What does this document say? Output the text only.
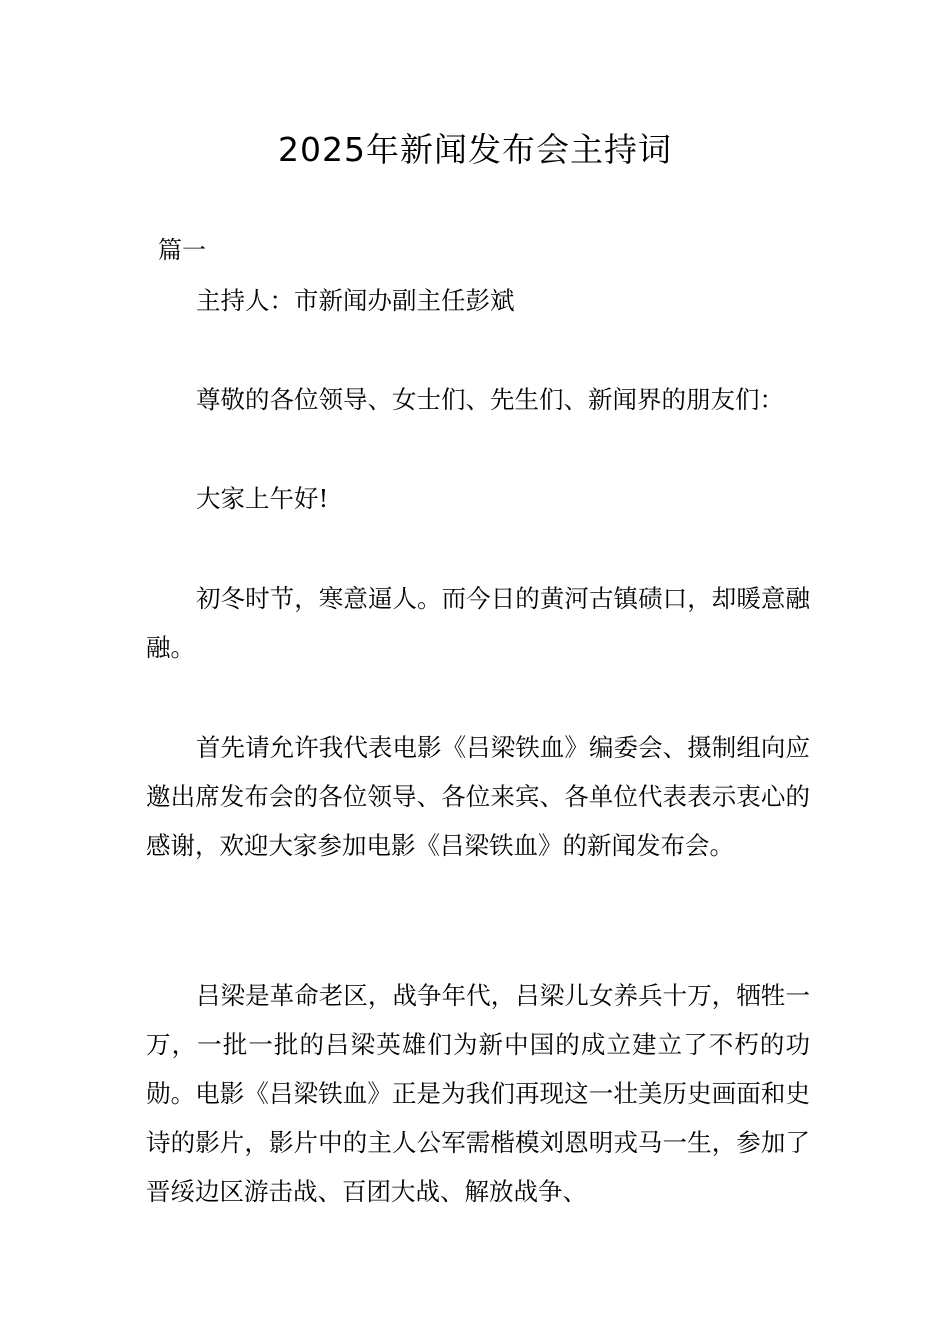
2025年新闻发布会主持词

篇一

主持人：市新闻办副主任彭斌

尊敬的各位领导、女士们、先生们、新闻界的朋友们：

大家上午好!

初冬时节，寒意逼人。而今日的黄河古镇碛口，却暖意融融。

首先请允许我代表电影《吕梁铁血》编委会、摄制组向应邀出席发布会的各位领导、各位来宾、各单位代表表示衷心的感谢，欢迎大家参加电影《吕梁铁血》的新闻发布会。

吕梁是革命老区，战争年代，吕梁儿女养兵十万，牺牲一万，一批一批的吕梁英雄们为新中国的成立建立了不朽的功勋。电影《吕梁铁血》正是为我们再现这一壮美历史画面和史诗的影片，影片中的主人公军需楷模刘恩明戎马一生，参加了晋绥边区游击战、百团大战、解放战争、
